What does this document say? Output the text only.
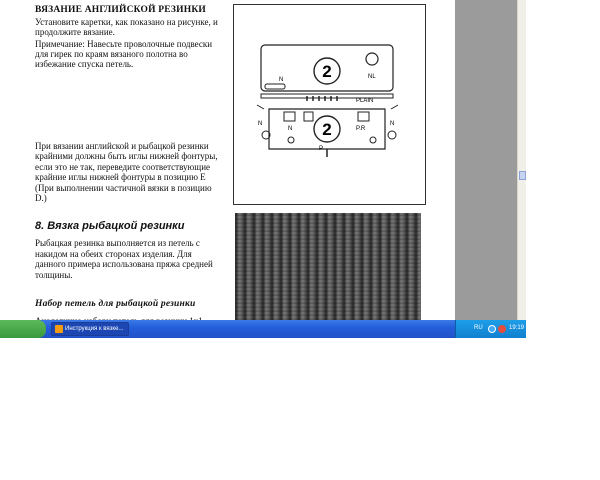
ВЯЗАНИЕ АНГЛИЙСКОЙ РЕЗИНКИ
Установите каретки, как показано на рисунке, и
продолжите вязание.
Примечание: Навесьте проволочные подвески
для гирек по краям вязаного полотна во
избежание спуска петель.
При вязании английской и рыбацкой резинки
крайними должны быть иглы нижней фонтуры,
если это не так, переведите соответствующие
крайние иглы нижней фонтуры в позицию Е
(При выполнении частичной вязки в позицию
D.)
8. Вязка рыбацкой резинки
Рыбацкая резинка выполняется из петель с
накидом на обеих сторонах изделия. Для
данного примера использована пряжа средней
толщины.
Набор петель для рыбацкой резинки
2
N	NL
PLAIN
2
N	P.R
N	N
P
Инструкция к вязке...	RU	19:19
